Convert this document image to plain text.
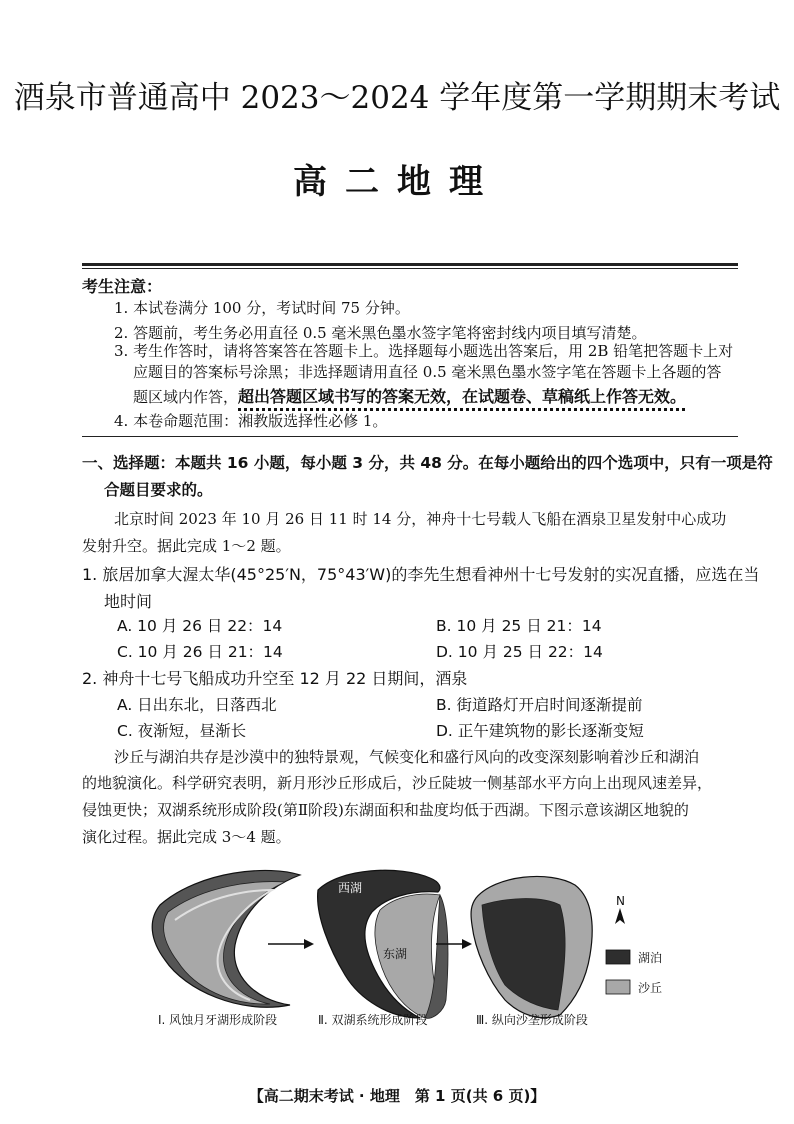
酒泉市普通高中 2023～2024 学年度第一学期期末考试
高二地理
考生注意：
1. 本试卷满分 100 分，考试时间 75 分钟。
2. 答题前，考生务必用直径 0.5 毫米黑色墨水签字笔将密封线内项目填写清楚。
3. 考生作答时，请将答案答在答题卡上。选择题每小题选出答案后，用 2B 铅笔把答题卡上对
应题目的答案标号涂黑；非选择题请用直径 0.5 毫米黑色墨水签字笔在答题卡上各题的答
题区域内作答，超出答题区域书写的答案无效，在试题卷、草稿纸上作答无效。
4. 本卷命题范围：湘教版选择性必修 1。
一、选择题：本题共 16 小题，每小题 3 分，共 48 分。在每小题给出的四个选项中，只有一项是符
合题目要求的。
北京时间 2023 年 10 月 26 日 11 时 14 分，神舟十七号载人飞船在酒泉卫星发射中心成功
发射升空。据此完成 1～2 题。
1. 旅居加拿大渥太华(45°25′N，75°43′W)的李先生想看神州十七号发射的实况直播，应选在当
地时间
A. 10 月 26 日 22：14	B. 10 月 25 日 21：14
C. 10 月 26 日 21：14	D. 10 月 25 日 22：14
2. 神舟十七号飞船成功升空至 12 月 22 日期间，酒泉
A. 日出东北，日落西北	B. 街道路灯开启时间逐渐提前
C. 夜渐短，昼渐长	D. 正午建筑物的影长逐渐变短
沙丘与湖泊共存是沙漠中的独特景观，气候变化和盛行风向的改变深刻影响着沙丘和湖泊
的地貌演化。科学研究表明，新月形沙丘形成后，沙丘陡坡一侧基部水平方向上出现风速差异，
侵蚀更快；双湖系统形成阶段(第Ⅱ阶段)东湖面积和盐度均低于西湖。下图示意该湖区地貌的
演化过程。据此完成 3～4 题。
西湖
东湖
N
湖泊
沙丘
Ⅰ. 风蚀月牙湖形成阶段	Ⅱ. 双湖系统形成阶段	Ⅲ. 纵向沙垄形成阶段
【高二期末考试 · 地理　第 1 页(共 6 页)】
